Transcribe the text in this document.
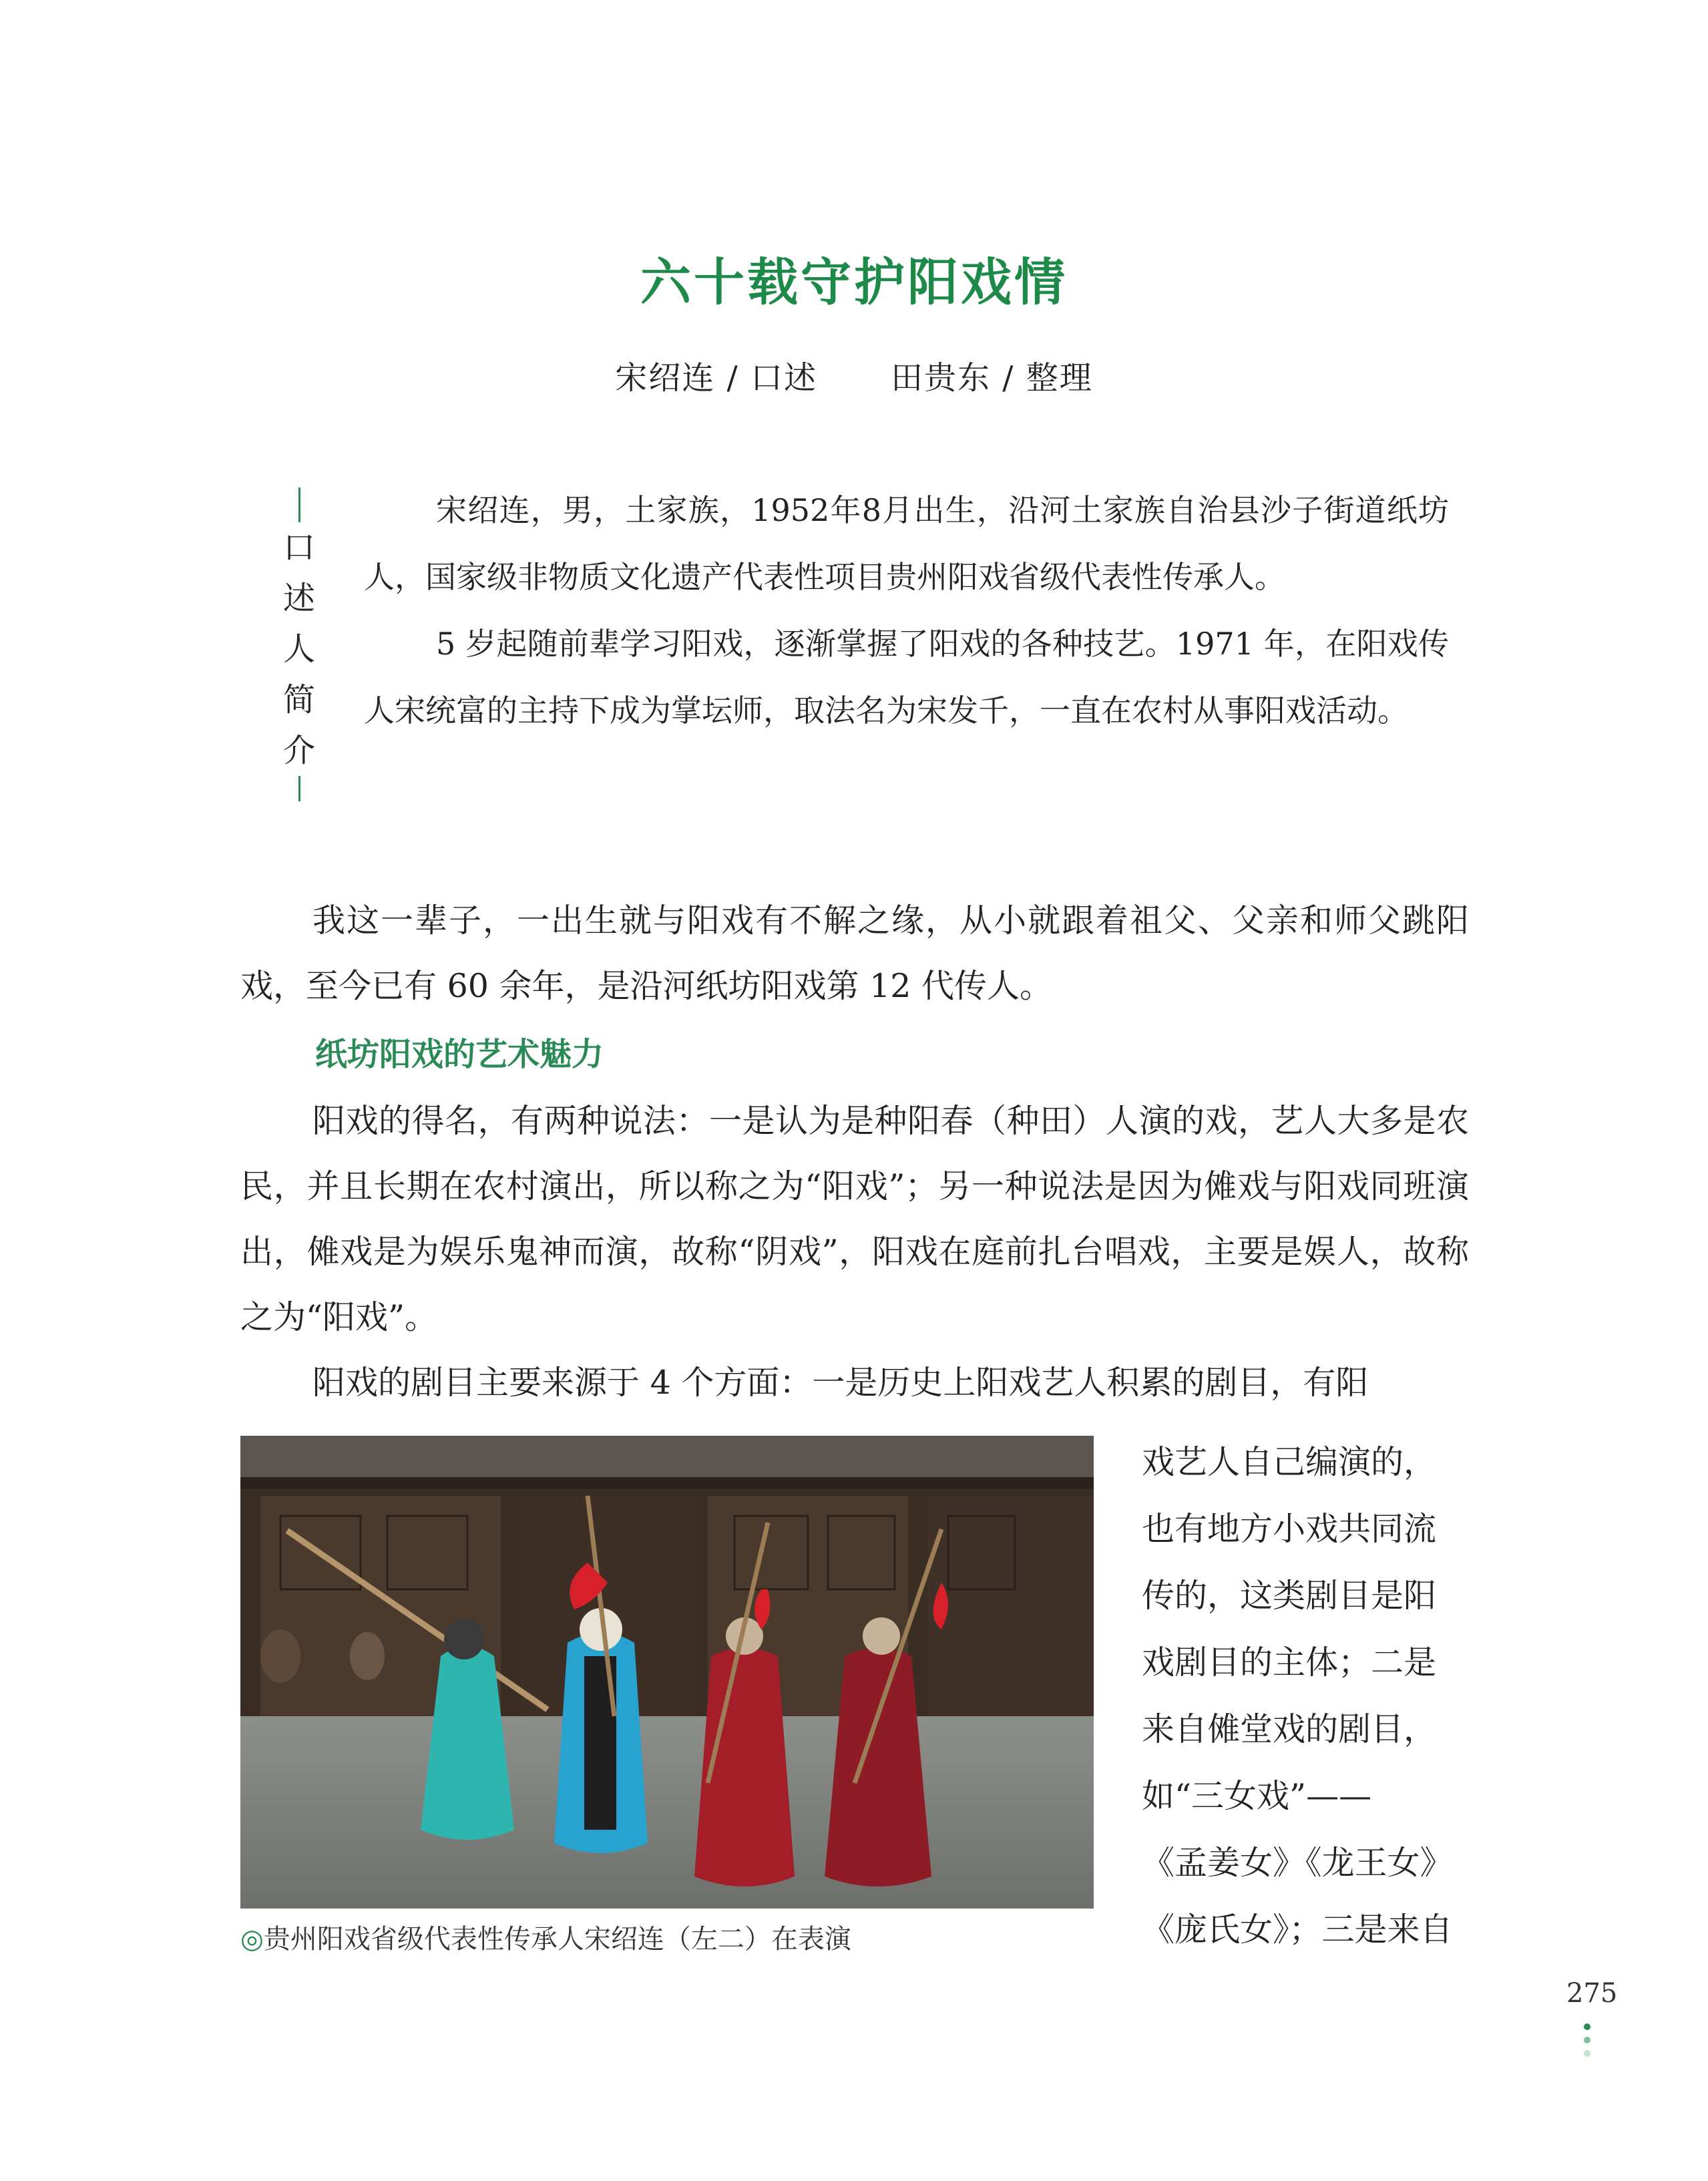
六十载守护阳戏情
宋绍连 / 口述 田贵东 / 整理
口
述
人
简
介

宋绍连，男，土家族，1952年8月出生，沿河土家族自治县沙子街道纸坊人，国家级非物质文化遗产代表性项目贵州阳戏省级代表性传承人。

5 岁起随前辈学习阳戏，逐渐掌握了阳戏的各种技艺。1971 年，在阳戏传人宋统富的主持下成为掌坛师，取法名为宋发千，一直在农村从事阳戏活动。

我这一辈子，一出生就与阳戏有不解之缘，从小就跟着祖父、父亲和师父跳阳戏，至今已有 60 余年，是沿河纸坊阳戏第 12 代传人。

纸坊阳戏的艺术魅力

阳戏的得名，有两种说法：一是认为是种阳春（种田）人演的戏，艺人大多是农民，并且长期在农村演出，所以称之为“阳戏”；另一种说法是因为傩戏与阳戏同班演出，傩戏是为娱乐鬼神而演，故称“阴戏”，阳戏在庭前扎台唱戏，主要是娱人，故称之为“阳戏”。

阳戏的剧目主要来源于 4 个方面：一是历史上阳戏艺人积累的剧目，有阳

◎贵州阳戏省级代表性传承人宋绍连（左二）在表演
戏艺人自己编演的，
也有地方小戏共同流
传的，这类剧目是阳
戏剧目的主体；二是
来自傩堂戏的剧目，
如“三女戏”——
《孟姜女》《龙王女》
《庞氏女》；三是来自
275
